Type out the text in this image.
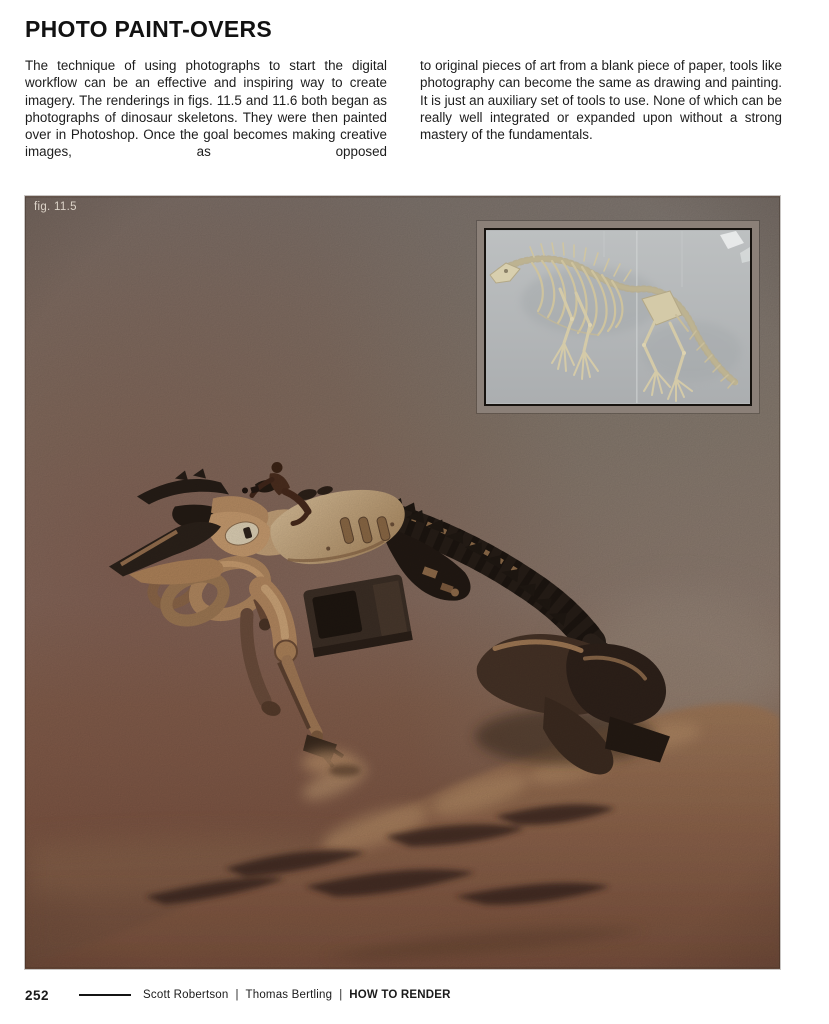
PHOTO PAINT-OVERS

The technique of using photographs to start the digital workflow can be an effective and inspiring way to create imagery. The renderings in figs. 11.5 and 11.6 both began as photographs of dinosaur skeletons. They were then painted over in Photoshop. Once the goal becomes making creative images, as opposed

to original pieces of art from a blank piece of paper, tools like photography can become the same as drawing and painting. It is just an auxiliary set of tools to use. None of which can be really well integrated or expanded upon without a strong mastery of the fundamentals.

fig. 11.5
252	Scott Robertson | Thomas Bertling | HOW TO RENDER
